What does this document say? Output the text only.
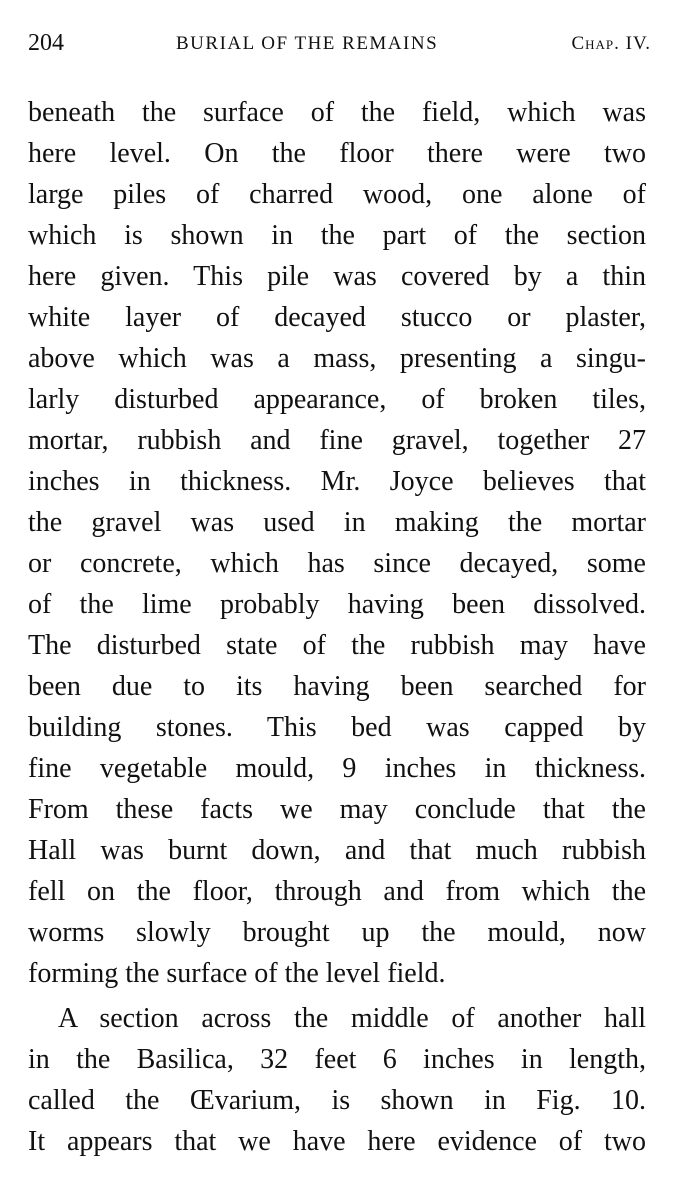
204	BURIAL OF THE REMAINS	Chap. IV.
beneath the surface of the field, which was
here level. On the floor there were two
large piles of charred wood, one alone of
which is shown in the part of the section
here given. This pile was covered by a thin
white layer of decayed stucco or plaster,
above which was a mass, presenting a singu-
larly disturbed appearance, of broken tiles,
mortar, rubbish and fine gravel, together 27
inches in thickness. Mr. Joyce believes that
the gravel was used in making the mortar
or concrete, which has since decayed, some
of the lime probably having been dissolved.
The disturbed state of the rubbish may have
been due to its having been searched for
building stones. This bed was capped by
fine vegetable mould, 9 inches in thickness.
From these facts we may conclude that the
Hall was burnt down, and that much rubbish
fell on the floor, through and from which the
worms slowly brought up the mould, now
forming the surface of the level field.
A section across the middle of another hall
in the Basilica, 32 feet 6 inches in length,
called the Œvarium, is shown in Fig. 10.
It appears that we have here evidence of two
